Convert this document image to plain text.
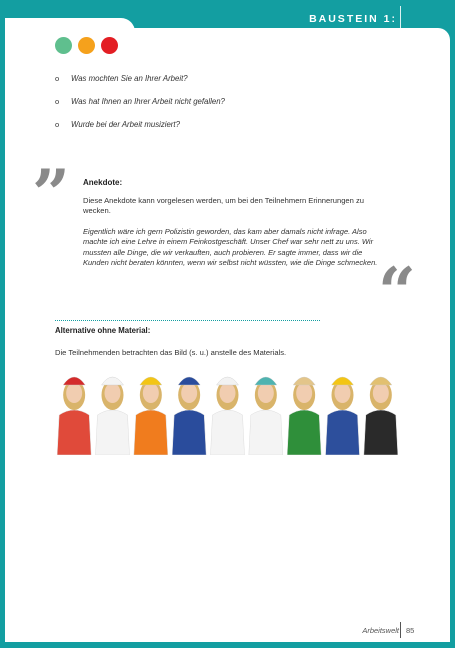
BAUSTEIN 1:
MIT ALLEN SINNEN BEGREIFEN
o	Was mochten Sie an Ihrer Arbeit?
o	Was hat Ihnen an Ihrer Arbeit nicht gefallen?
o	Wurde bei der Arbeit musiziert?
” Anekdote:
Diese Anekdote kann vorgelesen werden, um bei den Teilnehmern Erinnerungen zu wecken.
Eigentlich wäre ich gern Polizistin geworden, das kam aber damals nicht infrage. Also machte ich eine Lehre in einem Feinkostgeschäft. Unser Chef war sehr nett zu uns. Wir mussten alle Dinge, die wir verkauften, auch probieren. Er sagte immer, dass wir die Kunden nicht beraten könnten, wenn wir selbst nicht wüssten, wie die Dinge schmecken. “
Alternative ohne Material:
Die Teilnehmenden betrachten das Bild (s. u.) anstelle des Materials.
Arbeitswelt 85
